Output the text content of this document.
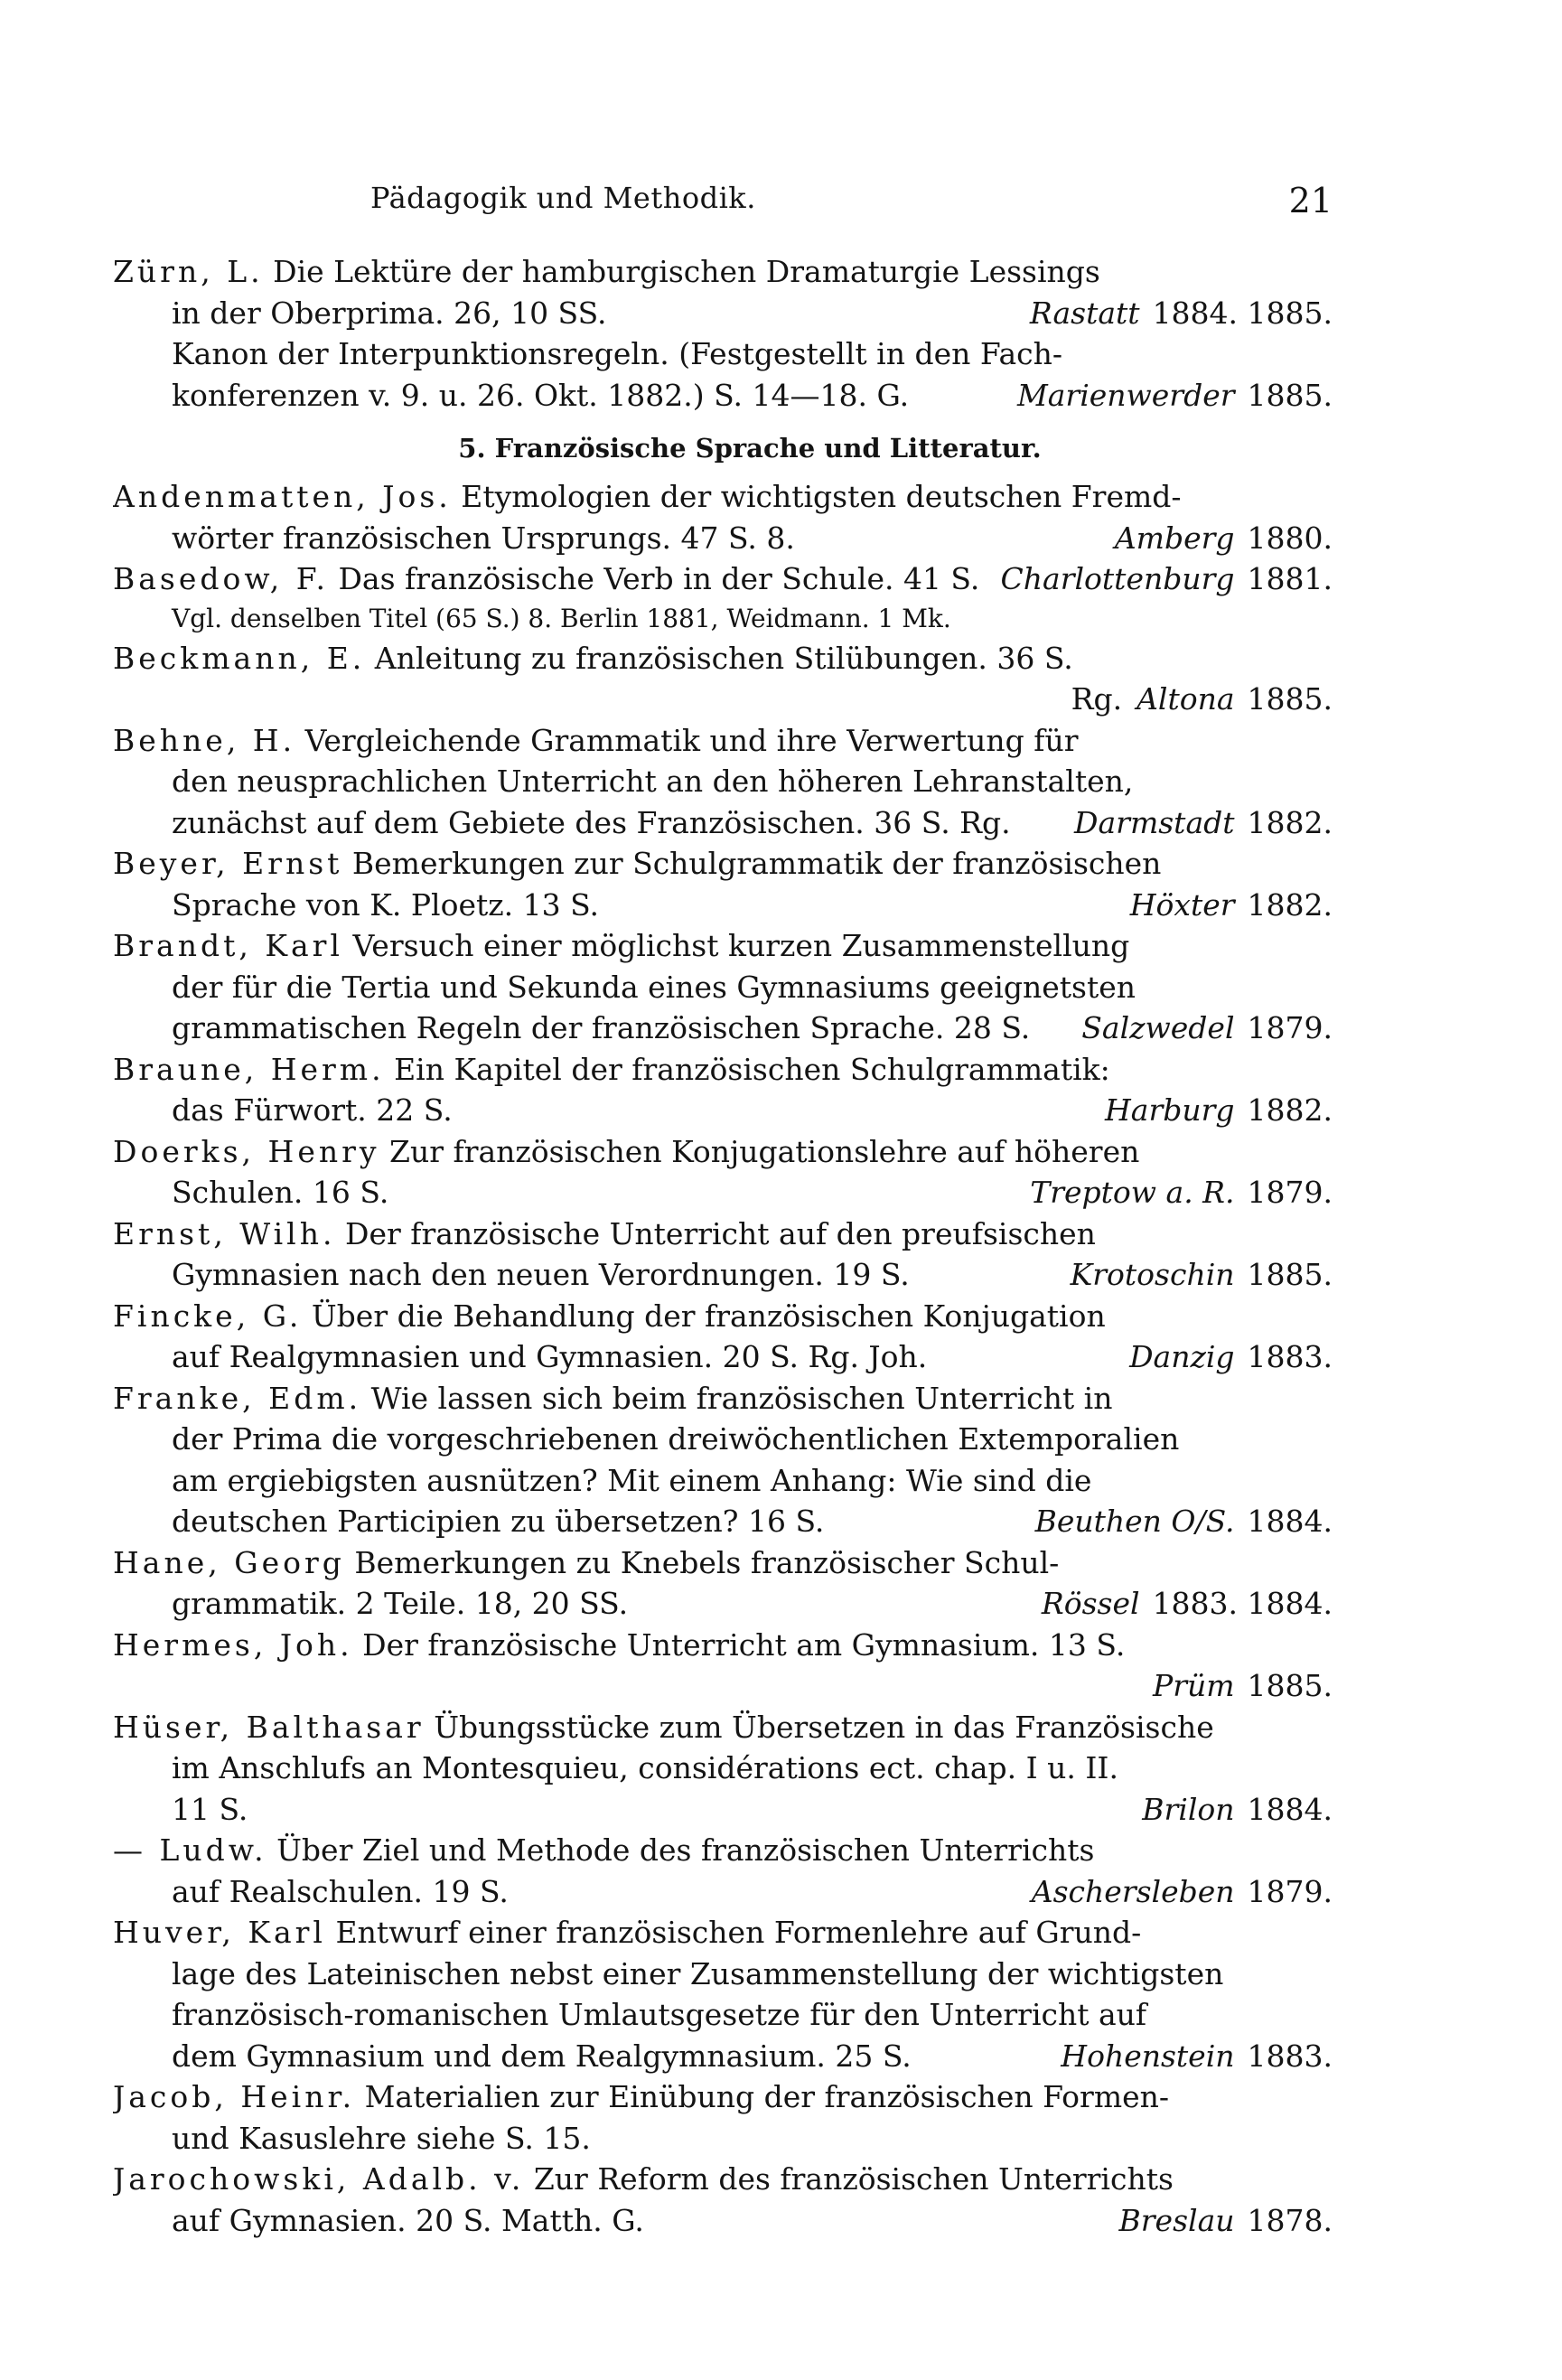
Pädagogik und Methodik.	21
Zürn, L. Die Lektüre der hamburgischen Dramaturgie Lessings
in der Oberprima. 26, 10 SS.	Rastatt 1884. 1885.
Kanon der Interpunktionsregeln. (Festgestellt in den Fach-
konferenzen v. 9. u. 26. Okt. 1882.) S. 14—18. G.	Marienwerder 1885.
5. Französische Sprache und Litteratur.
Andenmatten, Jos. Etymologien der wichtigsten deutschen Fremd-
wörter französischen Ursprungs. 47 S. 8.	Amberg 1880.
Basedow, F. Das französische Verb in der Schule. 41 S. Charlottenburg 1881.
Vgl. denselben Titel (65 S.) 8. Berlin 1881, Weidmann. 1 Mk.
Beckmann, E. Anleitung zu französischen Stilübungen. 36 S.
Rg. Altona 1885.
Behne, H. Vergleichende Grammatik und ihre Verwertung für
den neusprachlichen Unterricht an den höheren Lehranstalten,
zunächst auf dem Gebiete des Französischen. 36 S. Rg.	Darmstadt 1882.
Beyer, Ernst Bemerkungen zur Schulgrammatik der französischen
Sprache von K. Ploetz. 13 S.	Höxter 1882.
Brandt, Karl Versuch einer möglichst kurzen Zusammenstellung
der für die Tertia und Sekunda eines Gymnasiums geeignetsten
grammatischen Regeln der französischen Sprache. 28 S.	Salzwedel 1879.
Braune, Herm. Ein Kapitel der französischen Schulgrammatik:
das Fürwort. 22 S.	Harburg 1882.
Doerks, Henry Zur französischen Konjugationslehre auf höheren
Schulen. 16 S.	Treptow a. R. 1879.
Ernst, Wilh. Der französische Unterricht auf den preufsischen
Gymnasien nach den neuen Verordnungen. 19 S.	Krotoschin 1885.
Fincke, G. Über die Behandlung der französischen Konjugation
auf Realgymnasien und Gymnasien. 20 S. Rg. Joh.	Danzig 1883.
Franke, Edm. Wie lassen sich beim französischen Unterricht in
der Prima die vorgeschriebenen dreiwöchentlichen Extemporalien
am ergiebigsten ausnützen? Mit einem Anhang: Wie sind die
deutschen Participien zu übersetzen? 16 S.	Beuthen O/S. 1884.
Hane, Georg Bemerkungen zu Knebels französischer Schul-
grammatik. 2 Teile. 18, 20 SS.	Rössel 1883. 1884.
Hermes, Joh. Der französische Unterricht am Gymnasium. 13 S.
Prüm 1885.
Hüser, Balthasar Übungsstücke zum Übersetzen in das Französische
im Anschlufs an Montesquieu, considérations ect. chap. I u. II.
11 S.	Brilon 1884.
— Ludw. Über Ziel und Methode des französischen Unterrichts
auf Realschulen. 19 S.	Aschersleben 1879.
Huver, Karl Entwurf einer französischen Formenlehre auf Grund-
lage des Lateinischen nebst einer Zusammenstellung der wichtigsten
französisch-romanischen Umlautsgesetze für den Unterricht auf
dem Gymnasium und dem Realgymnasium. 25 S.	Hohenstein 1883.
Jacob, Heinr. Materialien zur Einübung der französischen Formen-
und Kasuslehre siehe S. 15.
Jarochowski, Adalb. v. Zur Reform des französischen Unterrichts
auf Gymnasien. 20 S. Matth. G.	Breslau 1878.
